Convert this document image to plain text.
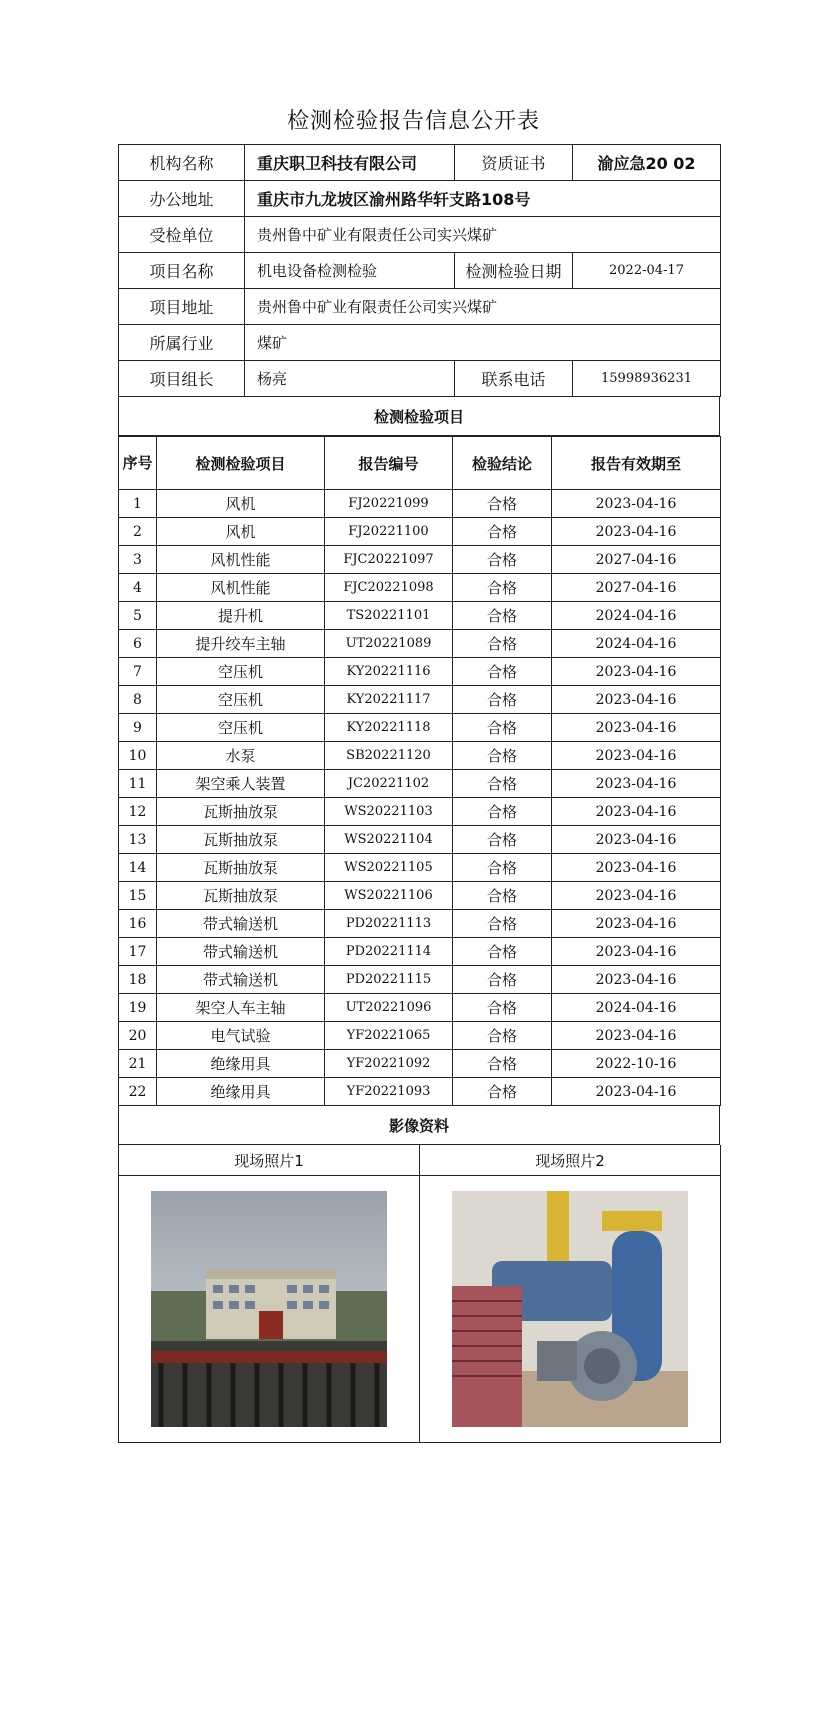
检测检验报告信息公开表
机构名称	重庆职卫科技有限公司	资质证书	渝应急20 02
办公地址	重庆市九龙坡区渝州路华轩支路108号		
受检单位	贵州鲁中矿业有限责任公司实兴煤矿		
项目名称	机电设备检测检验	检测检验日期	2022-04-17
项目地址	贵州鲁中矿业有限责任公司实兴煤矿		
所属行业	煤矿		
项目组长	杨亮	联系电话	15998936231
检测检验项目
序号	检测检验项目	报告编号	检验结论	报告有效期至
1	风机	FJ20221099	合格	2023-04-16
2	风机	FJ20221100	合格	2023-04-16
3	风机性能	FJC20221097	合格	2027-04-16
4	风机性能	FJC20221098	合格	2027-04-16
5	提升机	TS20221101	合格	2024-04-16
6	提升绞车主轴	UT20221089	合格	2024-04-16
7	空压机	KY20221116	合格	2023-04-16
8	空压机	KY20221117	合格	2023-04-16
9	空压机	KY20221118	合格	2023-04-16
10	水泵	SB20221120	合格	2023-04-16
11	架空乘人装置	JC20221102	合格	2023-04-16
12	瓦斯抽放泵	WS20221103	合格	2023-04-16
13	瓦斯抽放泵	WS20221104	合格	2023-04-16
14	瓦斯抽放泵	WS20221105	合格	2023-04-16
15	瓦斯抽放泵	WS20221106	合格	2023-04-16
16	带式输送机	PD20221113	合格	2023-04-16
17	带式输送机	PD20221114	合格	2023-04-16
18	带式输送机	PD20221115	合格	2023-04-16
19	架空人车主轴	UT20221096	合格	2024-04-16
20	电气试验	YF20221065	合格	2023-04-16
21	绝缘用具	YF20221092	合格	2022-10-16
22	绝缘用具	YF20221093	合格	2023-04-16
影像资料
现场照片1	现场照片2
